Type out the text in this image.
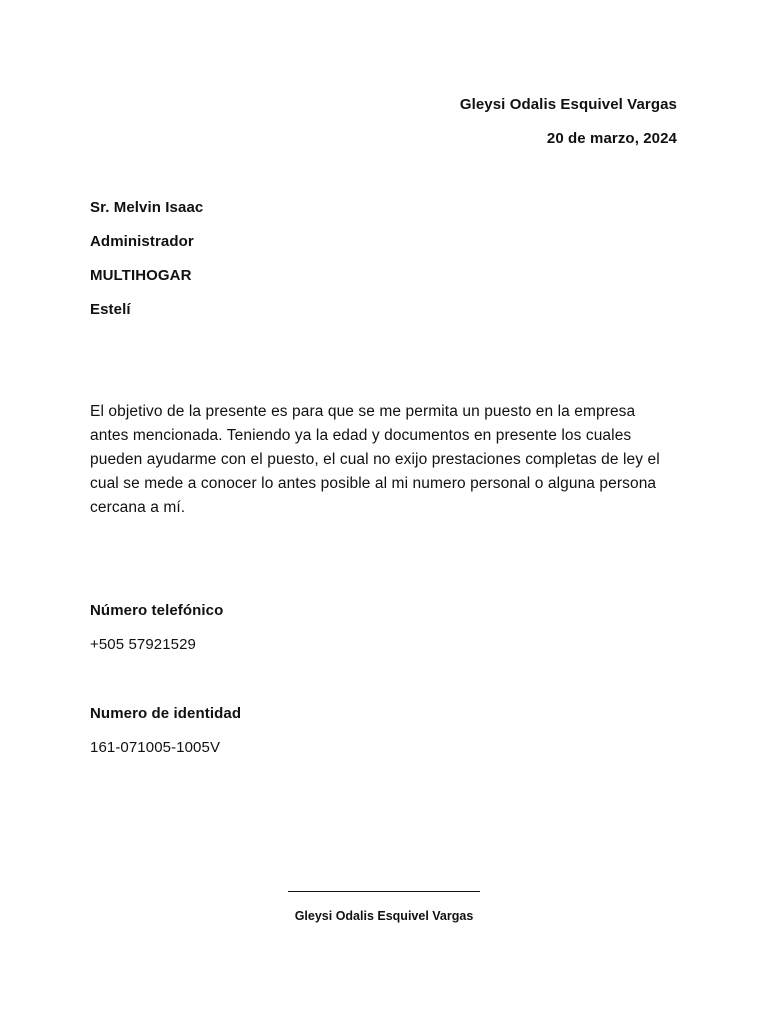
Gleysi Odalis Esquivel Vargas
20 de marzo, 2024
Sr. Melvin Isaac
Administrador
MULTIHOGAR
Estelí
El objetivo de la presente es para que se me permita un puesto en la empresa
antes mencionada. Teniendo ya la edad y documentos en presente los cuales
pueden ayudarme con el puesto, el cual no exijo prestaciones completas de ley el
cual se mede a conocer lo antes posible al mi numero personal o alguna persona
cercana a mí.
Número telefónico
+505 57921529
Numero de identidad
161-071005-1005V
Gleysi Odalis Esquivel Vargas
